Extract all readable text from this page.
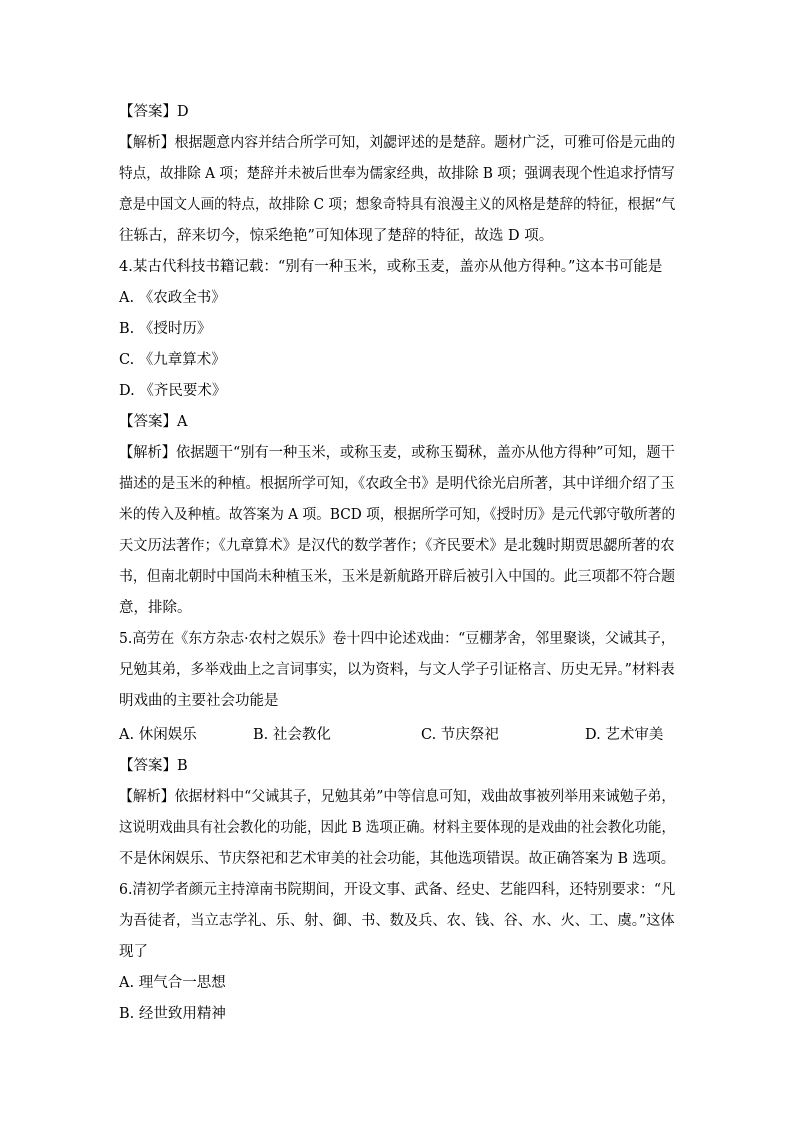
【答案】D
【解析】根据题意内容并结合所学可知，刘勰评述的是楚辞。题材广泛，可雅可俗是元曲的
特点，故排除 A 项；楚辞并未被后世奉为儒家经典，故排除 B 项；强调表现个性追求抒情写
意是中国文人画的特点，故排除 C 项；想象奇特具有浪漫主义的风格是楚辞的特征，根据“气
往轹古，辞来切今，惊采绝艳”可知体现了楚辞的特征，故选 D 项。
4.某古代科技书籍记载：“别有一种玉米，或称玉麦，盖亦从他方得种。”这本书可能是
A. 《农政全书》
B. 《授时历》
C. 《九章算术》
D. 《齐民要术》
【答案】A
【解析】依据题干“别有一种玉米，或称玉麦，或称玉蜀秫，盖亦从他方得种”可知，题干
描述的是玉米的种植。根据所学可知，《农政全书》是明代徐光启所著，其中详细介绍了玉
米的传入及种植。故答案为 A 项。BCD 项，根据所学可知，《授时历》是元代郭守敬所著的
天文历法著作；《九章算术》是汉代的数学著作；《齐民要术》是北魏时期贾思勰所著的农
书，但南北朝时中国尚未种植玉米，玉米是新航路开辟后被引入中国的。此三项都不符合题
意，排除。
5.高劳在《东方杂志·农村之娱乐》卷十四中论述戏曲：“豆棚茅舍，邻里聚谈，父诫其子，
兄勉其弟，多举戏曲上之言词事实，以为资料，与文人学子引证格言、历史无异。”材料表
明戏曲的主要社会功能是
A. 休闲娱乐	B. 社会教化	C. 节庆祭祀	D. 艺术审美
【答案】B
【解析】依据材料中“父诫其子，兄勉其弟”中等信息可知，戏曲故事被列举用来诫勉子弟，
这说明戏曲具有社会教化的功能，因此 B 选项正确。材料主要体现的是戏曲的社会教化功能，
不是休闲娱乐、节庆祭祀和艺术审美的社会功能，其他选项错误。故正确答案为 B 选项。
6.清初学者颜元主持漳南书院期间，开设文事、武备、经史、艺能四科，还特别要求：“凡
为吾徒者，当立志学礼、乐、射、御、书、数及兵、农、钱、谷、水、火、工、虞。”这体
现了
A. 理气合一思想
B. 经世致用精神
